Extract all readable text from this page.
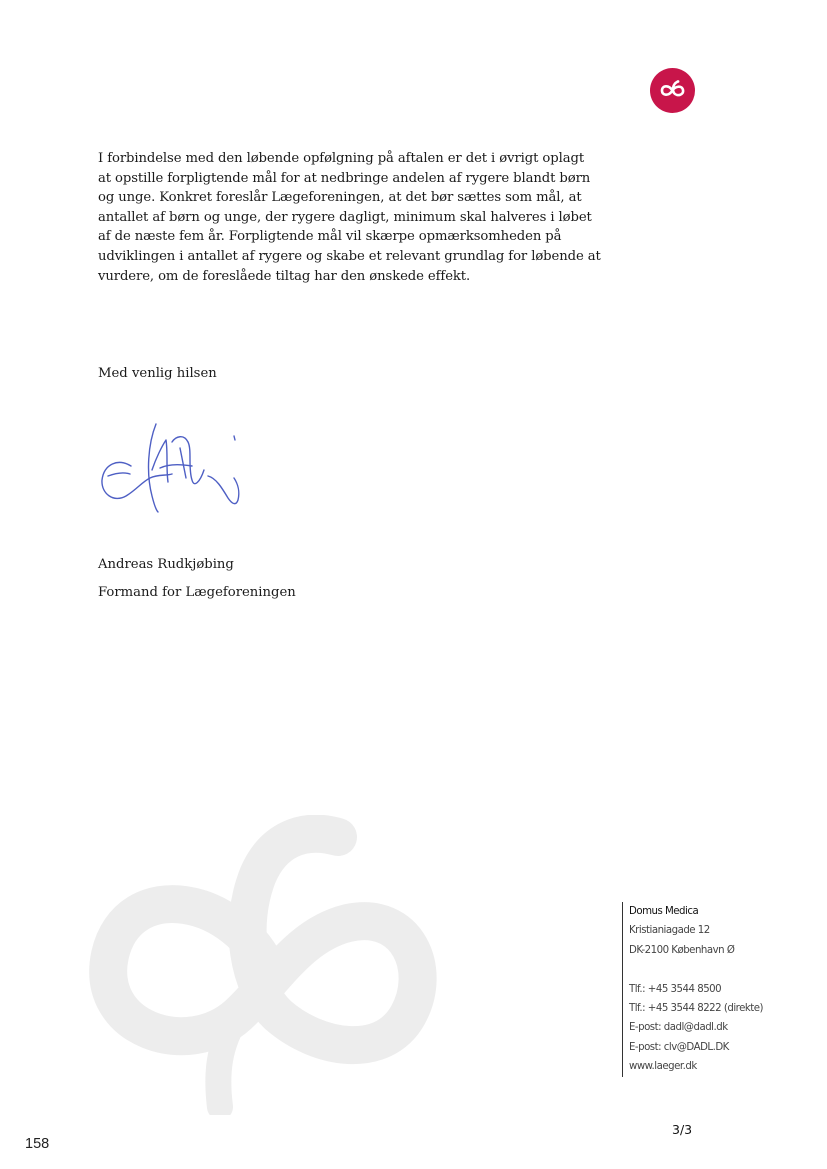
I forbindelse med den løbende opfølgning på aftalen er det i øvrigt oplagt
at opstille forpligtende mål for at nedbringe andelen af rygere blandt børn
og unge. Konkret foreslår Lægeforeningen, at det bør sættes som mål, at
antallet af børn og unge, der rygere dagligt, minimum skal halveres i løbet
af de næste fem år. Forpligtende mål vil skærpe opmærksomheden på
udviklingen i antallet af rygere og skabe et relevant grundlag for løbende at
vurdere, om de foreslåede tiltag har den ønskede effekt.
Med venlig hilsen
Andreas Rudkjøbing
Formand for Lægeforeningen
Domus Medica
Kristianiagade 12
DK-2100 København Ø
Tlf.: +45 3544 8500
Tlf.: +45 3544 8222 (direkte)
E-post: dadl@dadl.dk
E-post: clv@DADL.DK
www.laeger.dk
3/3
158
